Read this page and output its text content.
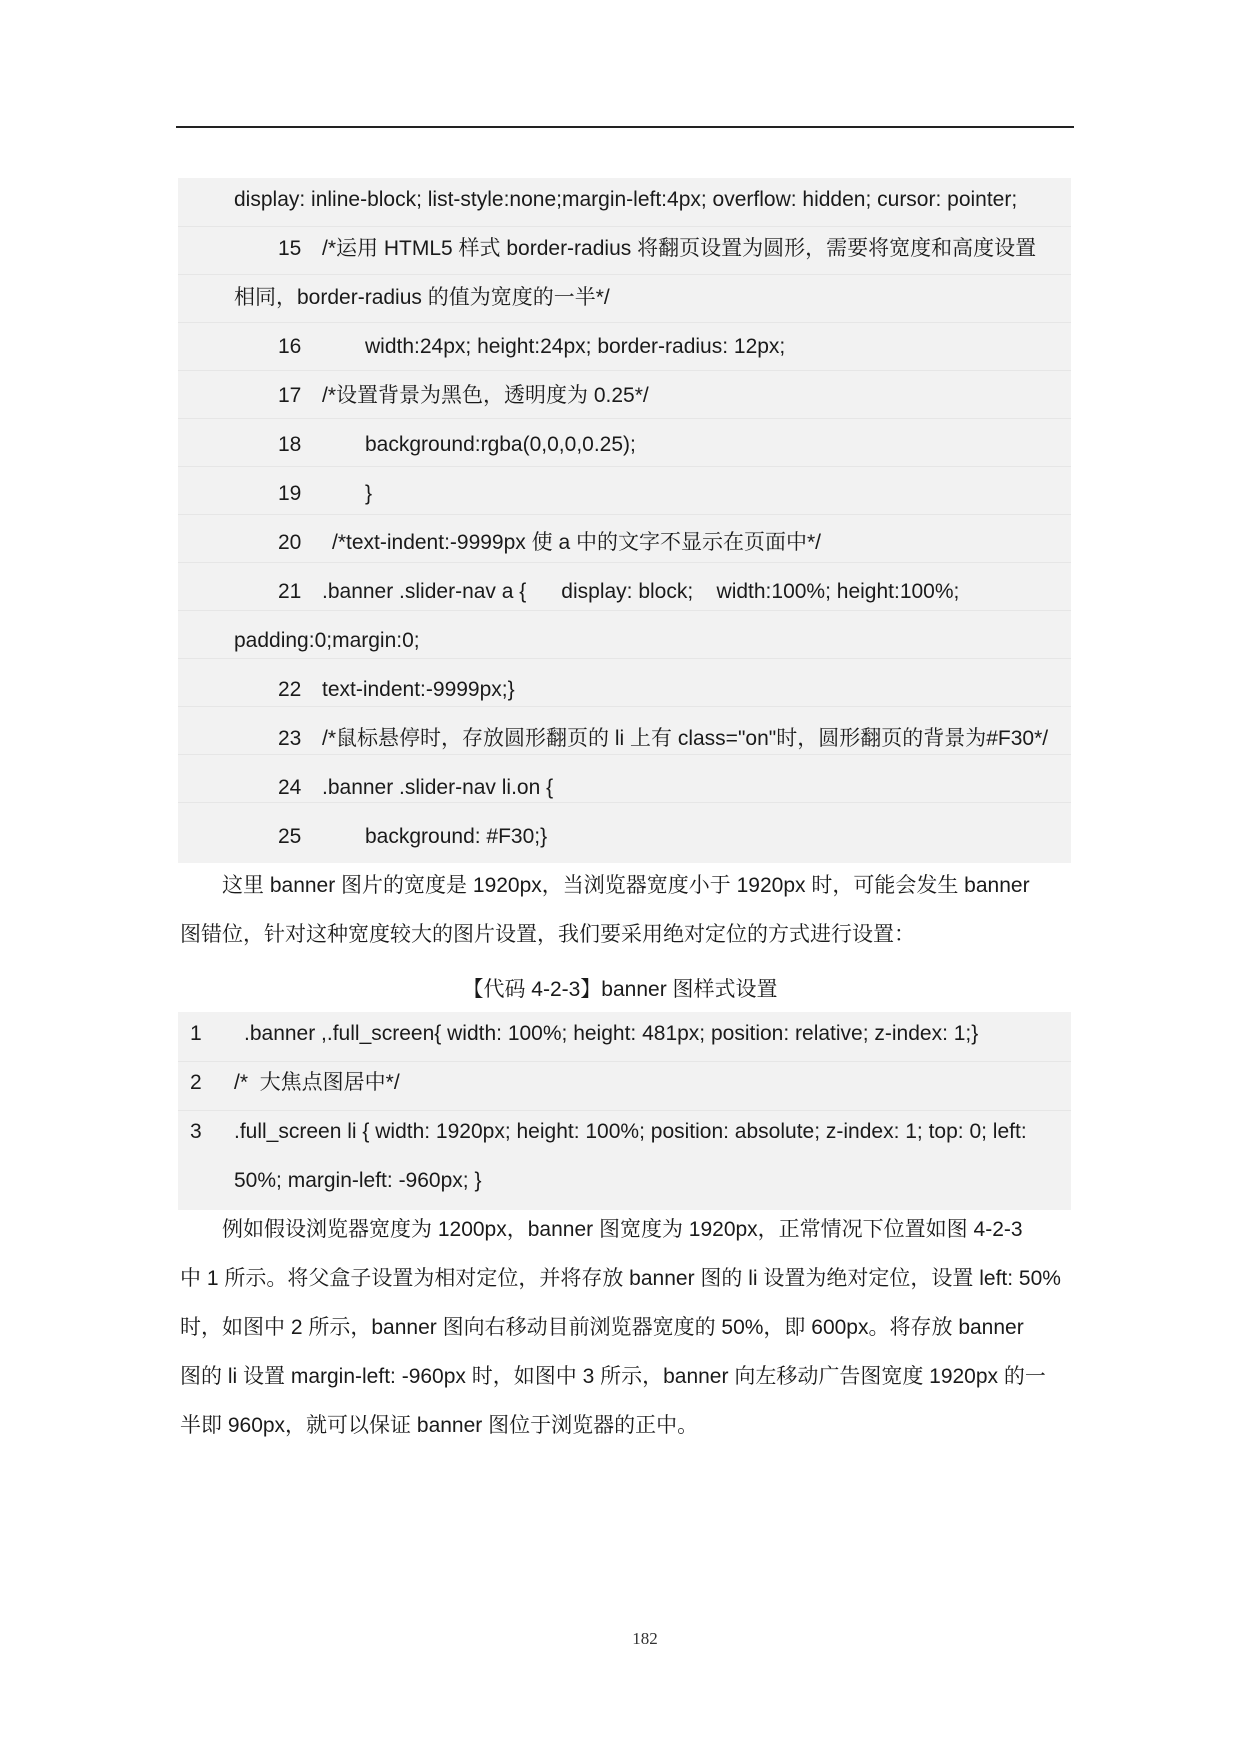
display: inline-block; list-style:none;margin-left:4px; overflow: hidden; cursor: pointer;
15 /*运用 HTML5 样式 border-radius 将翻页设置为圆形，需要将宽度和高度设置
相同，border-radius 的值为宽度的一半*/
16	width:24px; height:24px; border-radius: 12px;
17 /*设置背景为黑色，透明度为 0.25*/
18	background:rgba(0,0,0,0.25);
19	}
20 /*text-indent:-9999px 使 a 中的文字不显示在页面中*/
21 .banner .slider-nav a {      display: block;    width:100%; height:100%;
padding:0;margin:0;
22 text-indent:-9999px;}
23 /*鼠标悬停时，存放圆形翻页的 li 上有 class="on"时，圆形翻页的背景为#F30*/
24 .banner .slider-nav li.on {
25	background: #F30;}
这里 banner 图片的宽度是 1920px，当浏览器宽度小于 1920px 时，可能会发生 banner
图错位，针对这种宽度较大的图片设置，我们要采用绝对定位的方式进行设置：
【代码 4-2-3】banner 图样式设置
1 .banner ,.full_screen{ width: 100%; height: 481px; position: relative; z-index: 1;}
2 /*  大焦点图居中*/
3 .full_screen li { width: 1920px; height: 100%; position: absolute; z-index: 1; top: 0; left:
50%; margin-left: -960px; }
例如假设浏览器宽度为 1200px，banner 图宽度为 1920px，正常情况下位置如图 4-2-3
中 1 所示。将父盒子设置为相对定位，并将存放 banner 图的 li 设置为绝对定位，设置 left: 50%
时，如图中 2 所示，banner 图向右移动目前浏览器宽度的 50%，即 600px。将存放 banner
图的 li 设置 margin-left: -960px 时，如图中 3 所示，banner 向左移动广告图宽度 1920px 的一
半即 960px，就可以保证 banner 图位于浏览器的正中。
182
